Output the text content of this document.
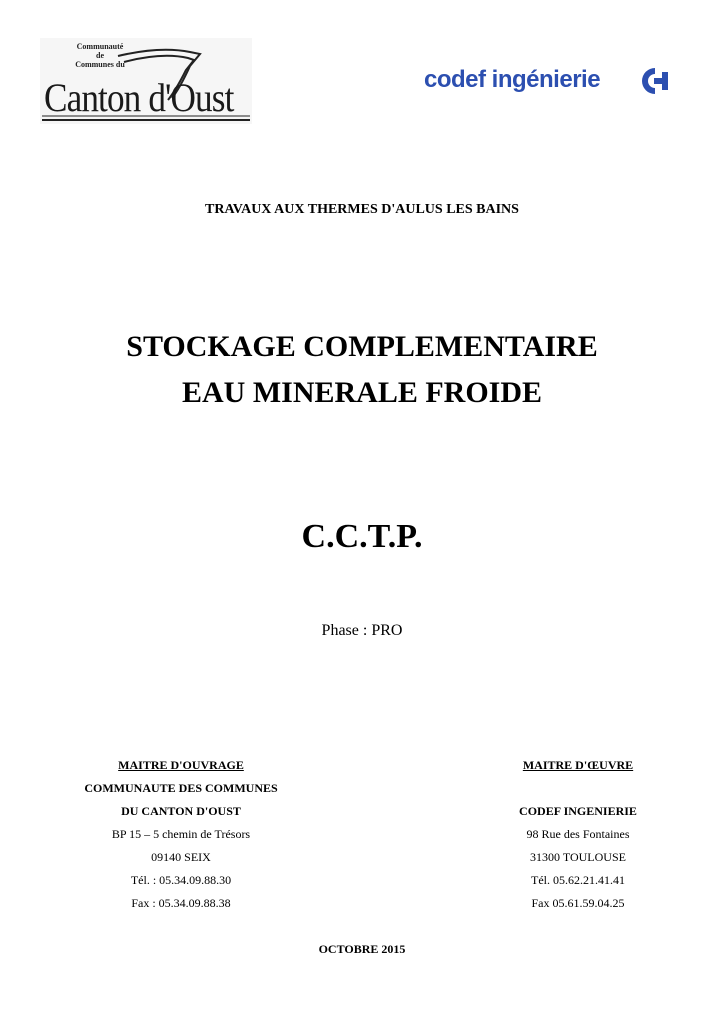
Communauté
de
Communes du
Canton d'Oust	codef ingénierie
TRAVAUX AUX THERMES D'AULUS LES BAINS
STOCKAGE COMPLEMENTAIRE
EAU MINERALE FROIDE
C.C.T.P.
Phase : PRO
MAITRE D'OUVRAGE
COMMUNAUTE DES COMMUNES
DU CANTON D'OUST
BP 15 – 5 chemin de Trésors
09140 SEIX
Tél. : 05.34.09.88.30
Fax : 05.34.09.88.38
MAITRE D'ŒUVRE
CODEF INGENIERIE
98 Rue des Fontaines
31300 TOULOUSE
Tél. 05.62.21.41.41
Fax 05.61.59.04.25
OCTOBRE 2015
